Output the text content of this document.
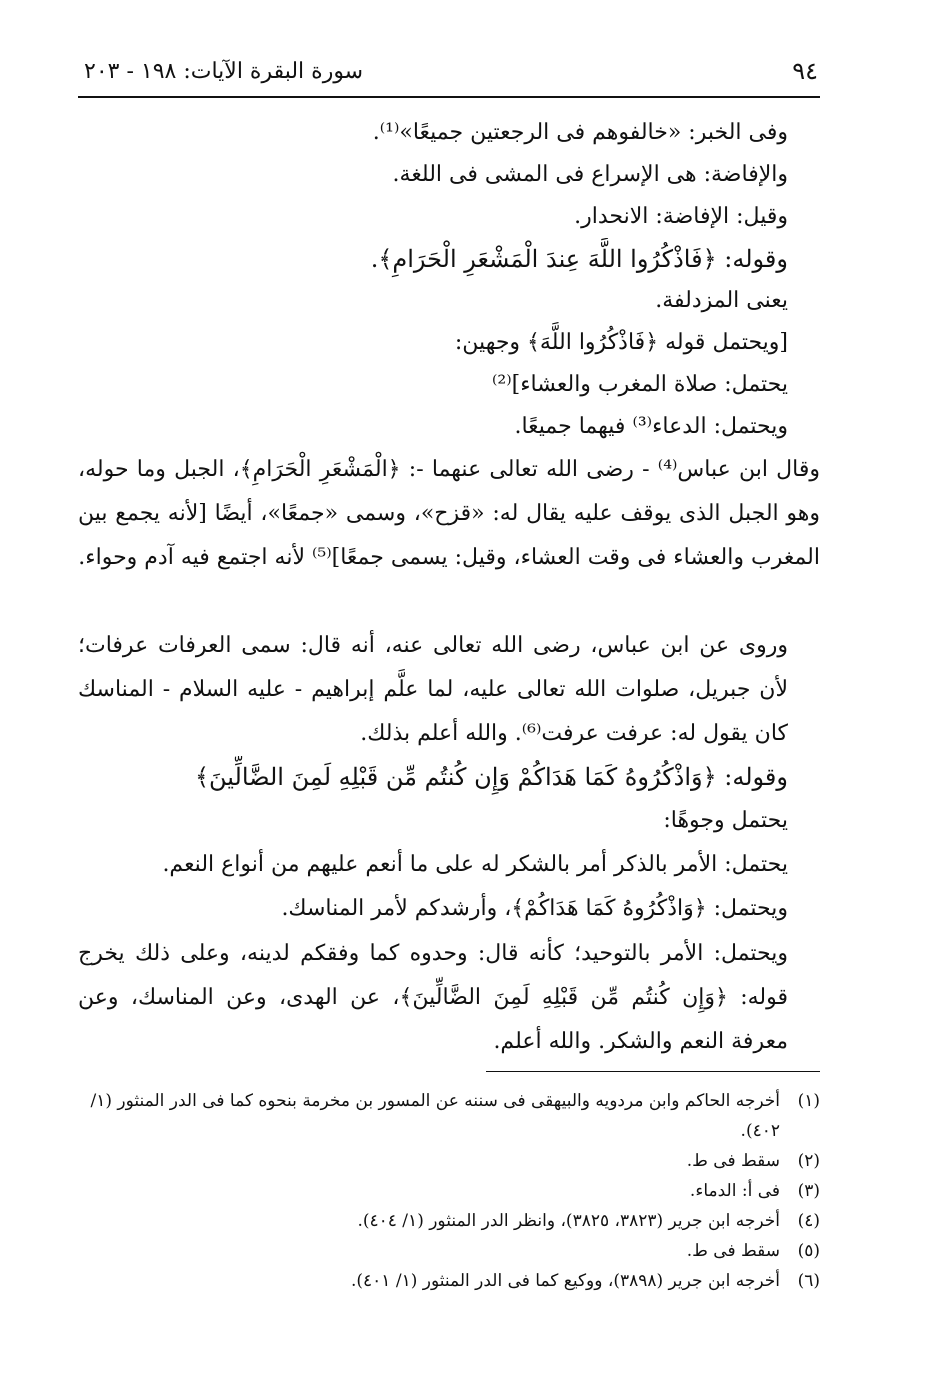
٩٤
سورة البقرة الآيات: ١٩٨ - ٢٠٣
وفى الخبر: «خالفوهم فى الرجعتين جميعًا»⁽¹⁾.
والإفاضة: هى الإسراع فى المشى فى اللغة.
وقيل: الإفاضة: الانحدار.
وقوله: ﴿فَاذْكُرُوا اللَّهَ عِندَ الْمَشْعَرِ الْحَرَامِ﴾.
يعنى المزدلفة.
[ويحتمل قوله ﴿فَاذْكُرُوا اللَّهَ﴾ وجهين:
يحتمل: صلاة المغرب والعشاء]⁽²⁾
ويحتمل: الدعاء⁽³⁾ فيهما جميعًا.
وقال ابن عباس⁽⁴⁾ - رضى الله تعالى عنهما -: ﴿الْمَشْعَرِ الْحَرَامِ﴾، الجبل وما حوله، وهو الجبل الذى يوقف عليه يقال له: «قزح»، وسمى «جمعًا»، أيضًا [لأنه يجمع بين المغرب والعشاء فى وقت العشاء، وقيل: يسمى جمعًا]⁽⁵⁾ لأنه اجتمع فيه آدم وحواء.
وروى عن ابن عباس، رضى الله تعالى عنه، أنه قال: سمى العرفات عرفات؛ لأن جبريل، صلوات الله تعالى عليه، لما علَّم إبراهيم - عليه السلام - المناسك كان يقول له: عرفت عرفت⁽⁶⁾. والله أعلم بذلك.
وقوله: ﴿وَاذْكُرُوهُ كَمَا هَدَاكُمْ وَإِن كُنتُم مِّن قَبْلِهِ لَمِنَ الضَّالِّينَ﴾
يحتمل وجوهًا:
يحتمل: الأمر بالذكر أمر بالشكر له على ما أنعم عليهم من أنواع النعم.
ويحتمل: ﴿وَاذْكُرُوهُ كَمَا هَدَاكُمْ﴾، وأرشدكم لأمر المناسك.
ويحتمل: الأمر بالتوحيد؛ كأنه قال: وحدوه كما وفقكم لدينه، وعلى ذلك يخرج قوله: ﴿وَإِن كُنتُم مِّن قَبْلِهِ لَمِنَ الضَّالِّينَ﴾، عن الهدى، وعن المناسك، وعن معرفة النعم والشكر. والله أعلم.
(١)
أخرجه الحاكم وابن مردويه والبيهقى فى سننه عن المسور بن مخرمة بنحوه كما فى الدر المنثور (١/ ٤٠٢).
(٢)
سقط فى ط.
(٣)
فى أ: الدماء.
(٤)
أخرجه ابن جرير (٣٨٢٣، ٣٨٢٥)، وانظر الدر المنثور (١/ ٤٠٤).
(٥)
سقط فى ط.
(٦)
أخرجه ابن جرير (٣٨٩٨)، ووكيع كما فى الدر المنثور (١/ ٤٠١).
